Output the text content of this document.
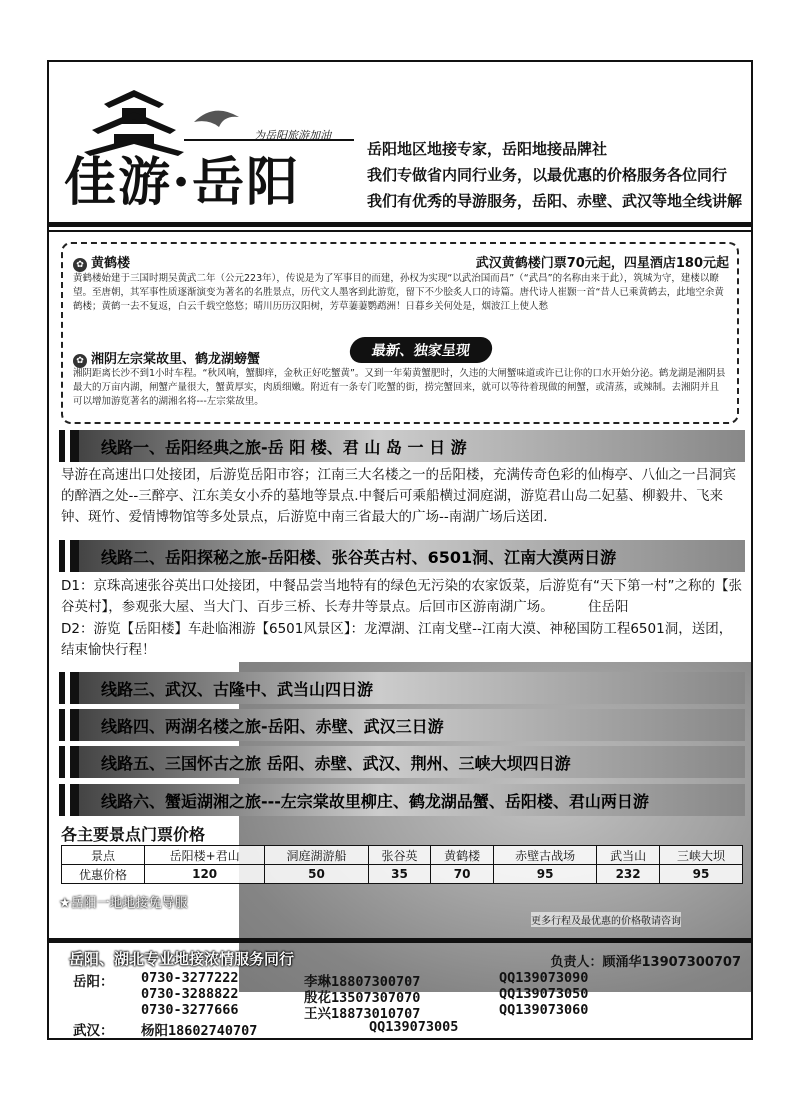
为岳阳旅游加油
佳游·岳阳
岳阳地区地接专家，岳阳地接品牌社
我们专做省内同行业务，以最优惠的价格服务各位同行
我们有优秀的导游服务，岳阳、赤壁、武汉等地全线讲解
✿ 黄鹤楼	武汉黄鹤楼门票70元起，四星酒店180元起
黄鹤楼始建于三国时期吴黄武二年（公元223年），传说是为了军事目的而建，孙权为实现“以武治国而昌”（“武昌”的名称由来于此），筑城为守，建楼以瞭望。至唐朝，其军事性质逐渐演变为著名的名胜景点，历代文人墨客到此游览，留下不少脍炙人口的诗篇。唐代诗人崔颢一首“昔人已乘黄鹤去，此地空余黄鹤楼；黄鹤一去不复返，白云千载空悠悠；晴川历历汉阳树，芳草萋萋鹦鹉洲！日暮乡关何处是，烟波江上使人愁
最新、独家呈现
✿ 湘阴左宗棠故里、鹤龙湖螃蟹
湘阴距离长沙不到1小时车程。“秋风响，蟹脚痒，金秋正好吃蟹黄”。又到一年菊黄蟹肥时，久违的大闸蟹味道或许已让你的口水开始分泌。鹤龙湖是湘阴县最大的万亩内湖，闸蟹产量很大，蟹黄厚实，肉质细嫩。附近有一条专门吃蟹的街，捞完蟹回来，就可以等待着现做的闸蟹，或清蒸，或辣制。去湘阴并且可以增加游览著名的湖湘名将---左宗棠故里。
线路一、岳阳经典之旅-岳 阳 楼、君 山 岛 一 日 游
导游在高速出口处接团，后游览岳阳市容；江南三大名楼之一的岳阳楼，充满传奇色彩的仙梅亭、八仙之一吕洞宾的醉酒之处--三醉亭、江东美女小乔的墓地等景点.中餐后可乘船横过洞庭湖，游览君山岛二妃墓、柳毅井、飞来钟、斑竹、爱情博物馆等多处景点，后游览中南三省最大的广场--南湖广场后送团.
线路二、岳阳探秘之旅-岳阳楼、张谷英古村、6501洞、江南大漠两日游
D1：京珠高速张谷英出口处接团，中餐品尝当地特有的绿色无污染的农家饭菜，后游览有“天下第一村”之称的【张谷英村】，参观张大屋、当大门、百步三桥、长寿井等景点。后回市区游南湖广场。	住岳阳
D2：游览【岳阳楼】车赴临湘游【6501风景区】：龙潭湖、江南戈壁--江南大漠、神秘国防工程6501洞，送团，结束愉快行程！
线路三、武汉、古隆中、武当山四日游
线路四、两湖名楼之旅-岳阳、赤壁、武汉三日游
线路五、三国怀古之旅 岳阳、赤壁、武汉、荆州、三峡大坝四日游
线路六、蟹逅湖湘之旅---左宗棠故里柳庄、鹤龙湖品蟹、岳阳楼、君山两日游
各主要景点门票价格
景点	岳阳楼+君山	洞庭湖游船	张谷英	黄鹤楼	赤壁古战场	武当山	三峡大坝
优惠价格	120	50	35	70	95	232	95
★岳阳一地地接免导服
更多行程及最优惠的价格敬请咨询
岳阳、湖北专业地接浓情服务同行	负责人：顾涌华13907300707
岳阳： 0730-3277222	李琳18807300707	QQ139073090
0730-3288822	殷花13507307070	QQ139073050
0730-3277666	王兴18873010707	QQ139073060
武汉： 杨阳18602740707	QQ139073005
